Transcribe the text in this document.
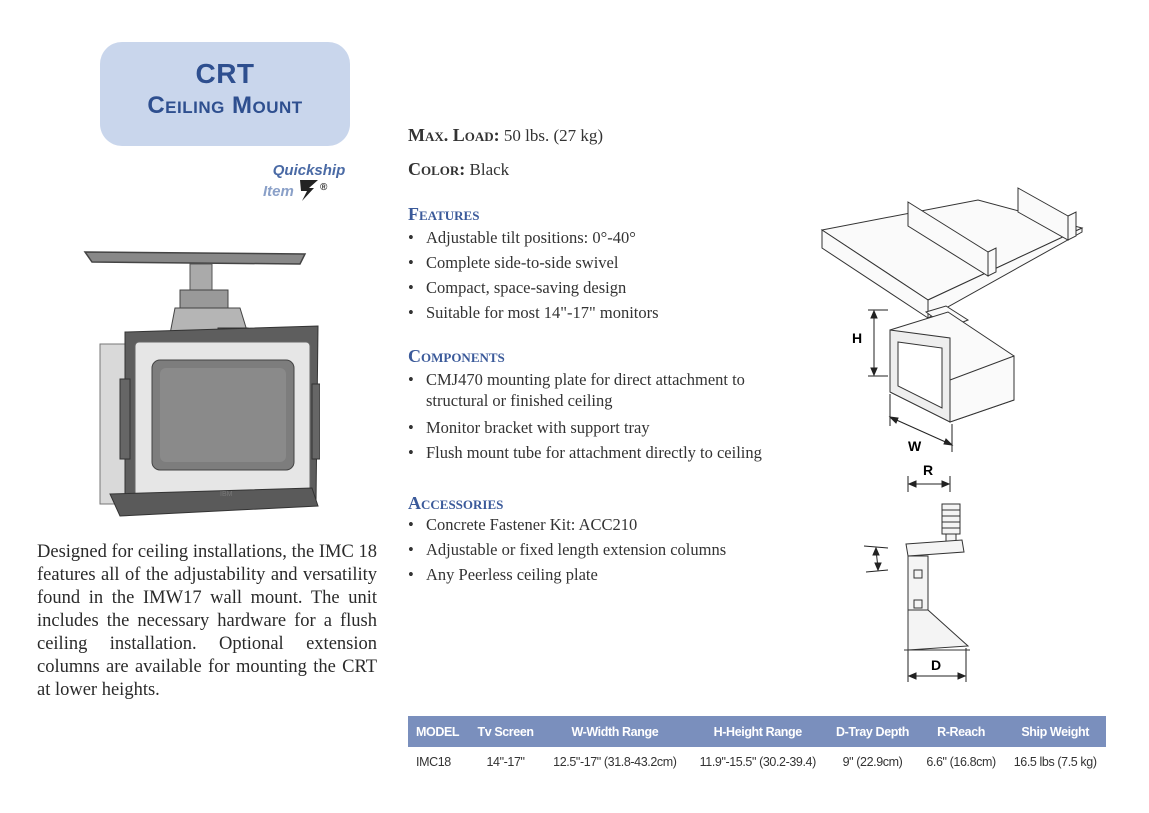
CRT
Ceiling Mount
Quickship
Item	®
IBM
Designed for ceiling installations, the IMC 18 features all of the adjustability and versatility found in the IMW17 wall mount. The unit includes the necessary hardware for a flush ceiling installation. Optional extension columns are available for mounting the CRT at lower heights.
Max. Load: 50 lbs. (27 kg)
Color: Black
Features
• Adjustable tilt positions: 0°-40°
• Complete side-to-side swivel
• Compact, space-saving design
• Suitable for most 14"-17" monitors
Components
• CMJ470 mounting plate for direct attachment to structural or finished ceiling
• Monitor bracket with support tray
• Flush mount tube for attachment directly to ceiling
Accessories
• Concrete Fastener Kit: ACC210
• Adjustable or fixed length extension columns
• Any Peerless ceiling plate
H
W
R
D
MODEL	Tv Screen	W-Width Range	H-Height Range	D-Tray Depth	R-Reach	Ship Weight
IMC18	14"-17"	12.5"-17" (31.8-43.2cm)	11.9"-15.5" (30.2-39.4)	9" (22.9cm)	6.6" (16.8cm)	16.5 lbs (7.5 kg)
